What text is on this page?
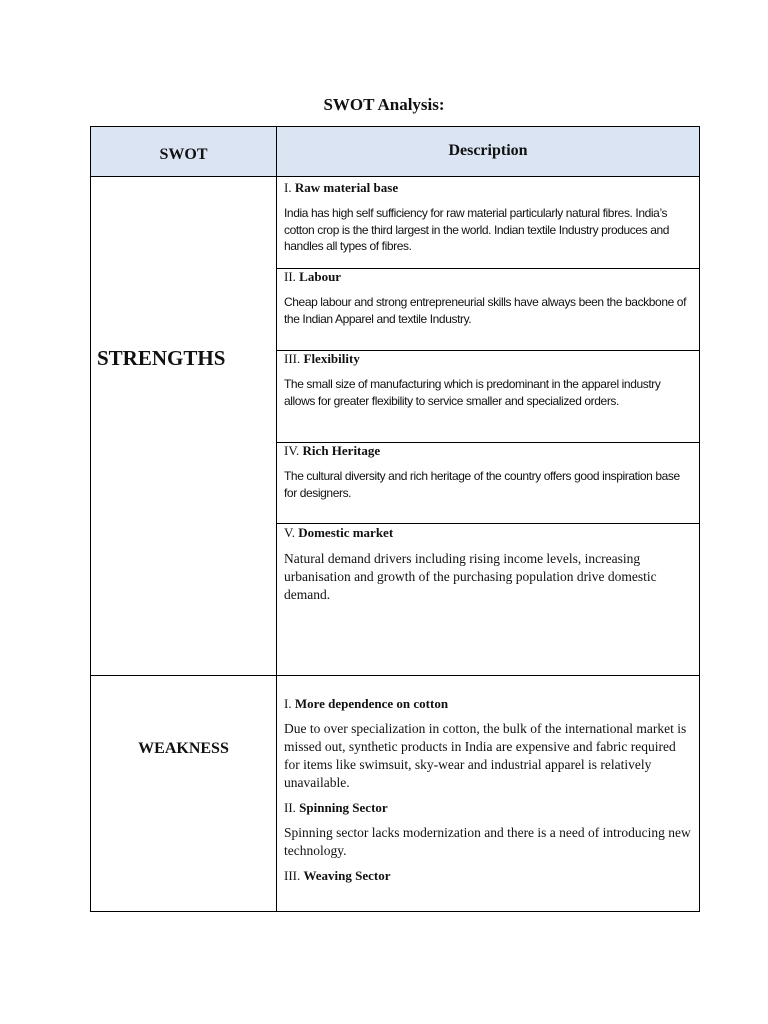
SWOT Analysis:
SWOT	Description
STRENGTHS
I. Raw material base

India has high self sufficiency for raw material particularly natural fibres. India’s cotton crop is the third largest in the world. Indian textile Industry produces and handles all types of fibres.

II. Labour

Cheap labour and strong entrepreneurial skills have always been the backbone of the Indian Apparel and textile Industry.

III. Flexibility

The small size of manufacturing which is predominant in the apparel industry allows for greater flexibility to service smaller and specialized orders.

IV. Rich Heritage

The cultural diversity and rich heritage of the country offers good inspiration base for designers.

V. Domestic market

Natural demand drivers including rising income levels, increasing urbanisation and growth of the purchasing population drive domestic demand.

WEAKNESS
I. More dependence on cotton

Due to over specialization in cotton, the bulk of the international market is missed out, synthetic products in India are expensive and fabric required for items like swimsuit, sky-wear and industrial apparel is relatively unavailable.

II. Spinning Sector

Spinning sector lacks modernization and there is a need of introducing new technology.

III. Weaving Sector
